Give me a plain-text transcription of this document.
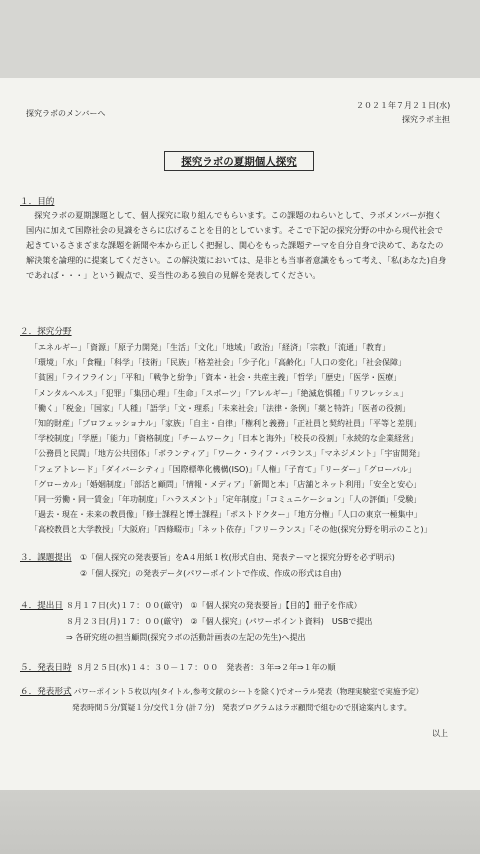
探究ラボのメンバーへ
２０２１年７月２１日(水)
探究ラボ主担
探究ラボの夏期個人探究
１．目的
　探究ラボの夏期課題として、個人探究に取り組んでもらいます。この課題のねらいとして、ラボメンバーが抱く
国内に加えて国際社会の見識をさらに広げることを目的としています。そこで下記の探究分野の中から現代社会で
起きているさまざまな課題を新聞や本から正しく把握し、関心をもった課題テーマを自分自身で決めて、あなたの
解決策を論理的に提案してください。この解決策においては、是非とも当事者意識をもって考え、「私(あなた)自身
であれば・・・」という観点で、妥当性のある独自の見解を発表してください。
２．探究分野
「エネルギー」「資源」「原子力開発」「生活」「文化」「地域」「政治」「経済」「宗教」「流通」「教育」
「環境」「水」「食糧」「科学」「技術」「民族」「格差社会」「少子化」「高齢化」「人口の変化」「社会保障」
「貧困」「ライフライン」「平和」「戦争と紛争」「資本・社会・共産主義」「哲学」「歴史」「医学・医療」
「メンタルヘルス」「犯罪」「集団心理」「生命」「スポーツ」「アレルギー」「絶滅危惧種」「リフレッシュ」
「働く」「税金」「国家」「人種」「語学」「文・理系」「未来社会」「法律・条例」「薬と特許」「医者の役割」
「知的財産」「プロフェッショナル」「家族」「自主・自律」「権利と義務」「正社員と契約社員」「平等と差別」
「学校制度」「学歴」「能力」「資格制度」「チームワーク」「日本と海外」「校長の役割」「永続的な企業経営」
「公務員と民間」「地方公共団体」「ボランティア」「ワーク・ライフ・バランス」「マネジメント」「宇宙開発」
「フェアトレード」「ダイバーシティ」「国際標準化機構(ISO)」「人権」「子育て」「リーダー」「グローバル」
「グローカル」「婚姻制度」「部活と顧問」「情報・メディア」「新聞と本」「店舗とネット利用」「安全と安心」
「同一労働・同一賃金」「年功制度」「ハラスメント」「定年制度」「コミュニケーション」「人の評価」「受験」
「過去・現在・未来の教員像」「修士課程と博士課程」「ポストドクター」「地方分権」「人口の東京一極集中」
「高校教員と大学教授」「大阪府」「四條畷市」「ネット依存」「フリーランス」「その他(探究分野を明示のこと)」
３．課題提出 ①「個人探究の発表要旨」をA４用紙１枚(形式自由、発表テーマと探究分野を必ず明示)
②「個人探究」の発表データ(パワーポイントで作成、作成の形式は自由)
４．提出日 ８月１７日(火)１７：００(厳守)　①「個人探究の発表要旨」【目的】冊子を作成）
８月２３日(月)１７：００(厳守)　②「個人探究」(パワーポイント資料)　USBで提出
⇒ 各研究班の担当顧問(探究ラボの活動計画表の左記の先生)へ提出
５．発表日時 ８月２５日(水)１４：３０－１７：００　発表者：３年⇒２年⇒１年の順
６．発表形式
：パワーポイント５枚以内(タイトル,参考文献のシートを除く)でオーラル発表（物理実験室で実施予定）
発表時間５分/質疑１分/交代１分 (計７分)　発表プログラムはラボ顧問で組むので別途案内します。
以上
